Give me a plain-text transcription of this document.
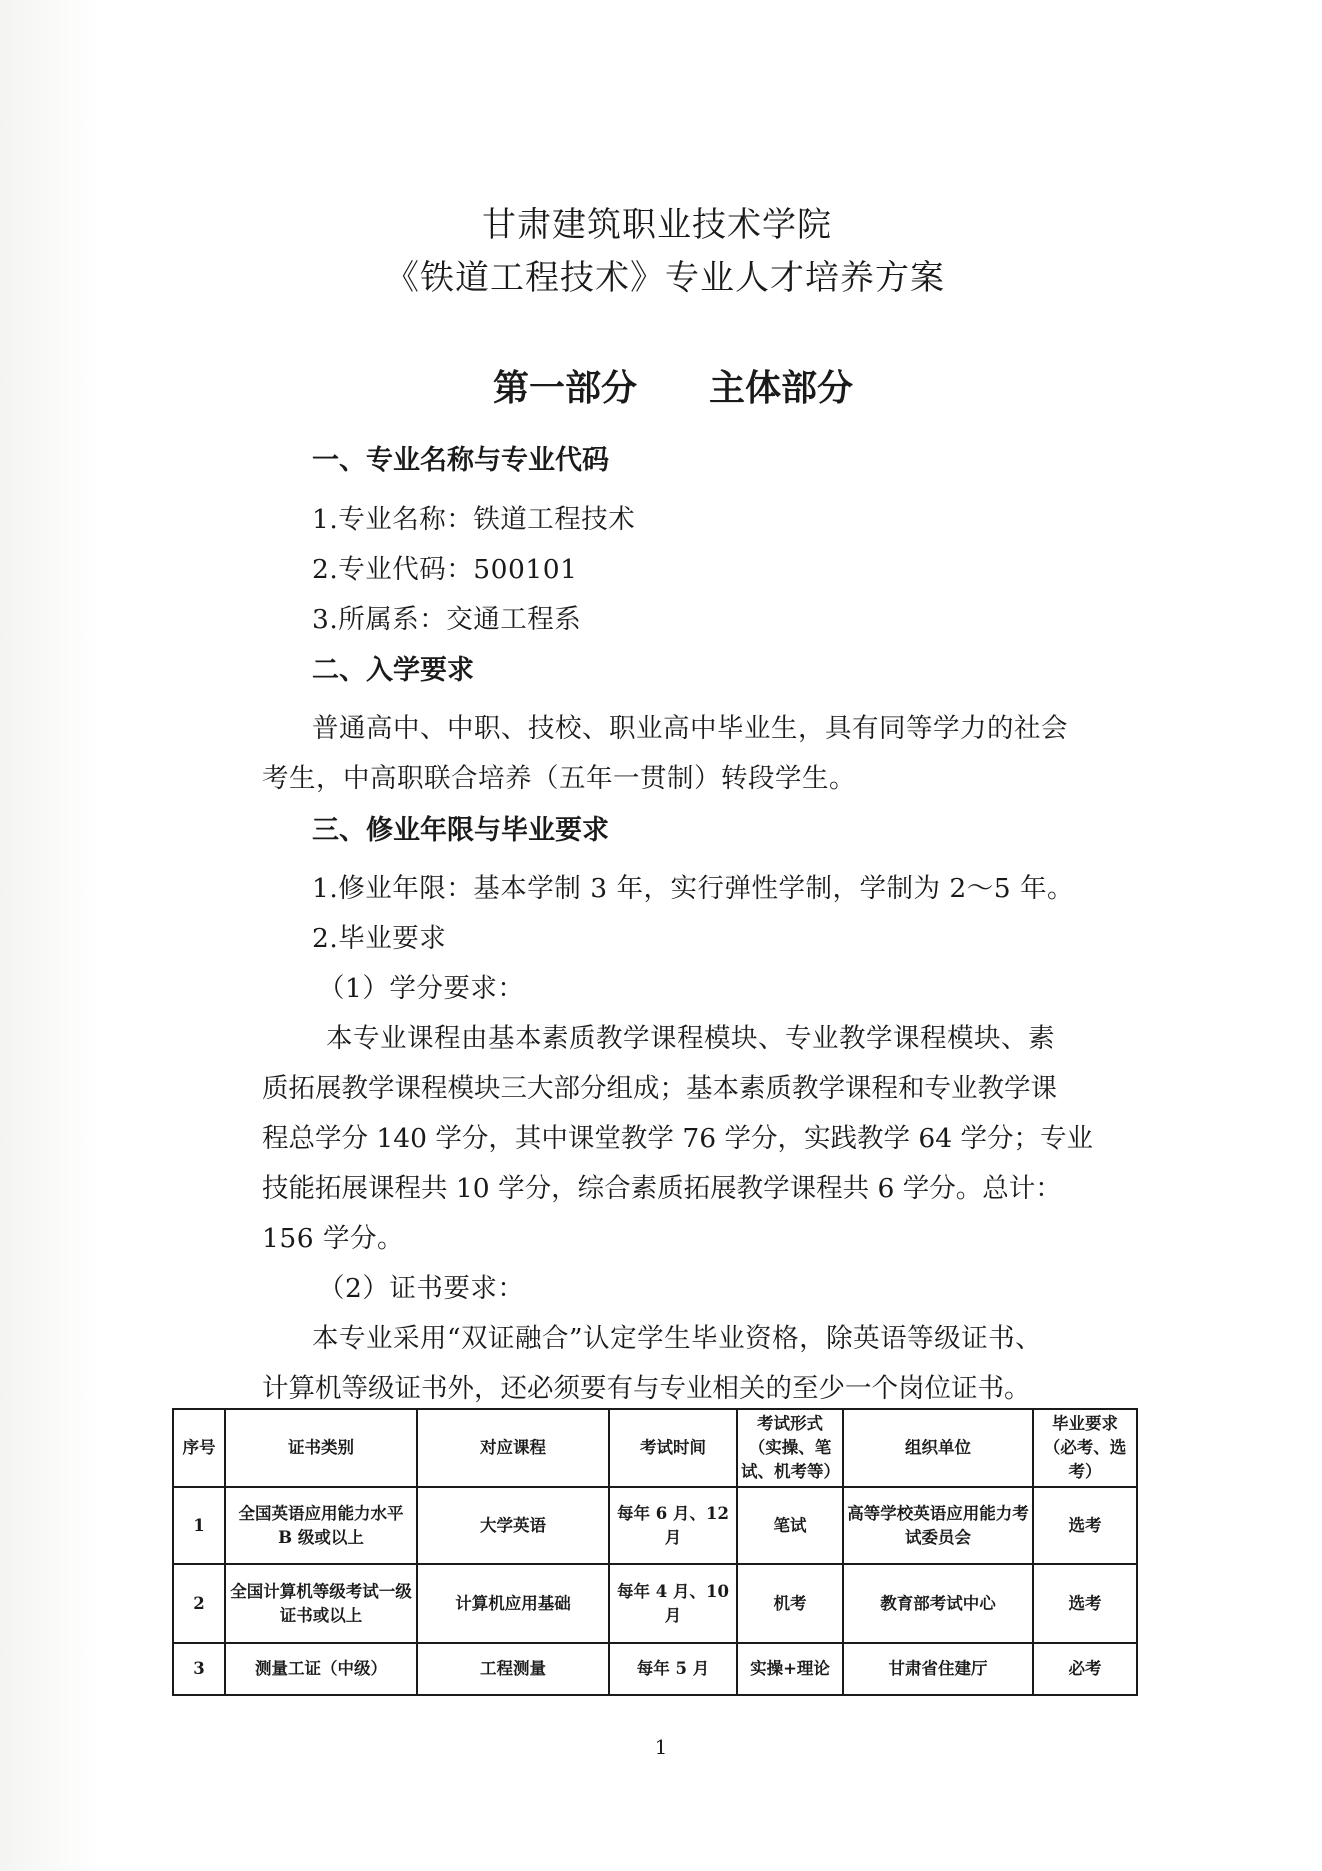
甘肃建筑职业技术学院
《铁道工程技术》专业人才培养方案
第一部分　　主体部分
一、专业名称与专业代码
1.专业名称：铁道工程技术
2.专业代码：500101
3.所属系：交通工程系
二、入学要求
普通高中、中职、技校、职业高中毕业生，具有同等学力的社会
考生，中高职联合培养（五年一贯制）转段学生。
三、修业年限与毕业要求
1.修业年限：基本学制 3 年，实行弹性学制，学制为 2～5 年。
2.毕业要求
（1）学分要求：
本专业课程由基本素质教学课程模块、专业教学课程模块、素
质拓展教学课程模块三大部分组成；基本素质教学课程和专业教学课
程总学分 140 学分，其中课堂教学 76 学分，实践教学 64 学分；专业
技能拓展课程共 10 学分，综合素质拓展教学课程共 6 学分。总计：
156 学分。
（2）证书要求：
本专业采用“双证融合”认定学生毕业资格，除英语等级证书、
计算机等级证书外，还必须要有与专业相关的至少一个岗位证书。
序号	证书类别	对应课程	考试时间	考试形式（实操、笔试、机考等）	组织单位	毕业要求（必考、选考）
1	全国英语应用能力水平 B 级或以上	大学英语	每年 6 月、12 月	笔试	高等学校英语应用能力考试委员会	选考
2	全国计算机等级考试一级证书或以上	计算机应用基础	每年 4 月、10 月	机考	教育部考试中心	选考
3	测量工证（中级）	工程测量	每年 5 月	实操+理论	甘肃省住建厅	必考
1
